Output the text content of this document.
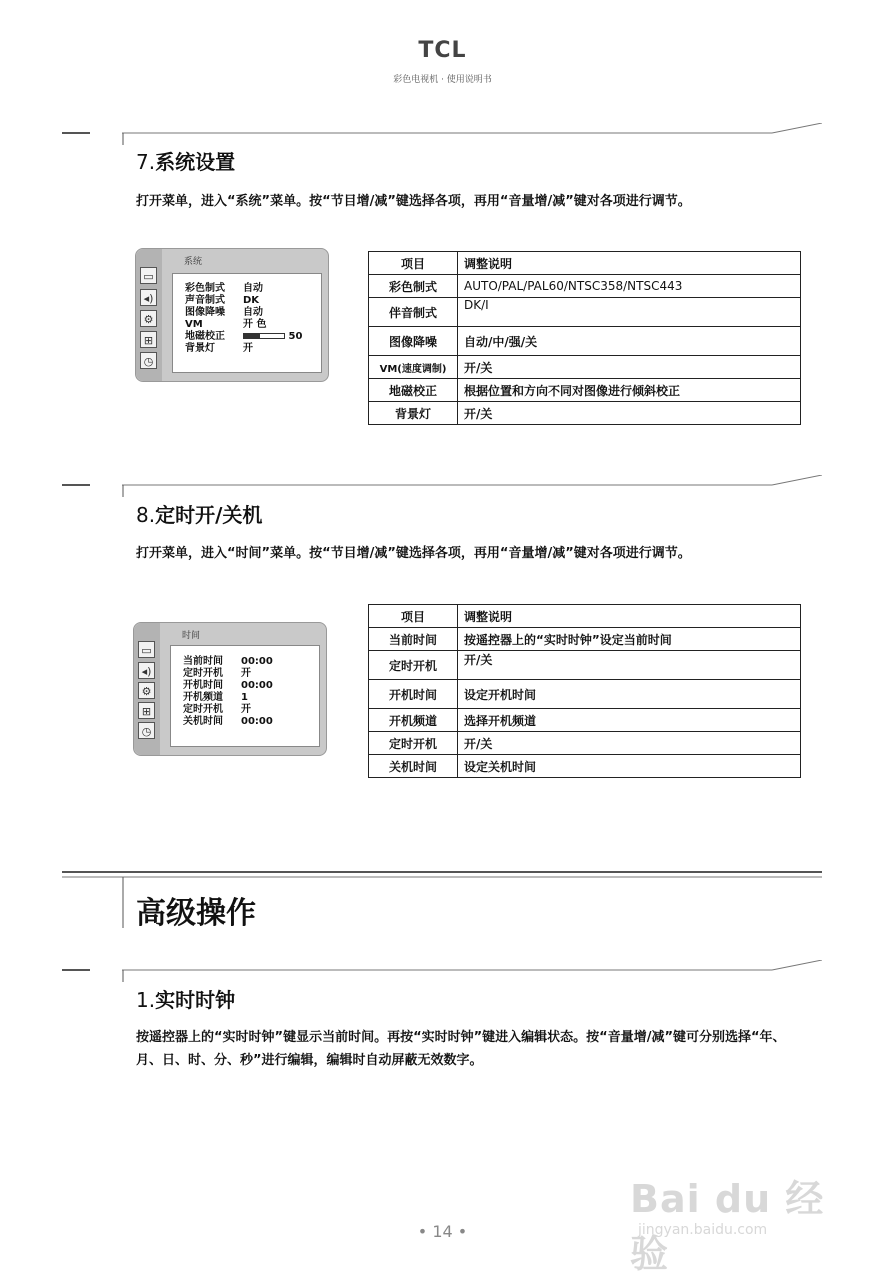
TCL
彩色电视机 · 使用说明书
7.系统设置
打开菜单，进入“系统”菜单。按“节目增/减”键选择各项，再用“音量增/减”键对各项进行调节。
▭
◂)
⚙
⊞
◷
系统
彩色制式 自动
声音制式 DK
图像降噪 自动
VM	开 色
地磁校正	50
背景灯	开
项目	调整说明
彩色制式	AUTO/PAL/PAL60/NTSC358/NTSC443
伴音制式	DK/I
图像降噪	自动/中/强/关
VM(速度调制)	开/关
地磁校正	根据位置和方向不同对图像进行倾斜校正
背景灯	开/关
8.定时开/关机
打开菜单，进入“时间”菜单。按“节目增/减”键选择各项，再用“音量增/减”键对各项进行调节。
▭
◂)
⚙
⊞
◷
时间
当前时间 00:00
定时开机 开
开机时间 00:00
开机频道 1
定时开机 开
关机时间 00:00
项目	调整说明
当前时间	按遥控器上的“实时时钟”设定当前时间
定时开机	开/关
开机时间	设定开机时间
开机频道	选择开机频道
定时开机	开/关
关机时间	设定关机时间
高级操作
1.实时时钟
按遥控器上的“实时时钟”键显示当前时间。再按“实时时钟”键进入编辑状态。按“音量增/减”键可分别选择“年、月、日、时、分、秒”进行编辑，编辑时自动屏蔽无效数字。
Bai du 经验
jingyan.baidu.com
• 14 •
